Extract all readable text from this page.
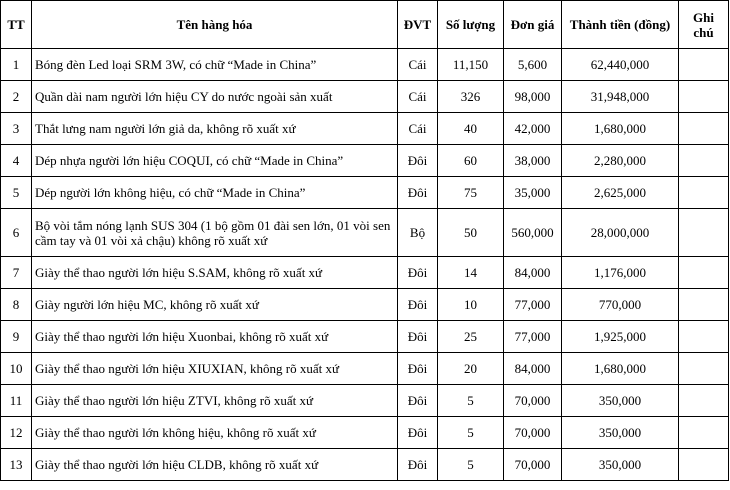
TT	Tên hàng hóa	ĐVT	Số lượng	Đơn giá	Thành tiền (đồng)	Ghi chú
1	Bóng đèn Led loại SRM 3W, có chữ “Made in China”	Cái	11,150	5,600	62,440,000	
2	Quần dài nam người lớn hiệu CY do nước ngoài sản xuất	Cái	326	98,000	31,948,000	
3	Thắt lưng nam người lớn giả da, không rõ xuất xứ	Cái	40	42,000	1,680,000	
4	Dép nhựa người lớn hiệu COQUI, có chữ “Made in China”	Đôi	60	38,000	2,280,000	
5	Dép người lớn không hiệu, có chữ “Made in China”	Đôi	75	35,000	2,625,000	
6	Bộ vòi tắm nóng lạnh SUS 304 (1 bộ gồm 01 đài sen lớn, 01 vòi sen cầm tay và 01 vòi xả chậu) không rõ xuất xứ	Bộ	50	560,000	28,000,000	
7	Giày thể thao người lớn hiệu S.SAM, không rõ xuất xứ	Đôi	14	84,000	1,176,000	
8	Giày người lớn hiệu MC, không rõ xuất xứ	Đôi	10	77,000	770,000	
9	Giày thể thao người lớn hiệu Xuonbai, không rõ xuất xứ	Đôi	25	77,000	1,925,000	
10	Giày thể thao người lớn hiệu XIUXIAN, không rõ xuất xứ	Đôi	20	84,000	1,680,000	
11	Giày thể thao người lớn hiệu ZTVI, không rõ xuất xứ	Đôi	5	70,000	350,000	
12	Giày thể thao người lớn không hiệu, không rõ xuất xứ	Đôi	5	70,000	350,000	
13	Giày thể thao người lớn hiệu CLDB, không rõ xuất xứ	Đôi	5	70,000	350,000	
